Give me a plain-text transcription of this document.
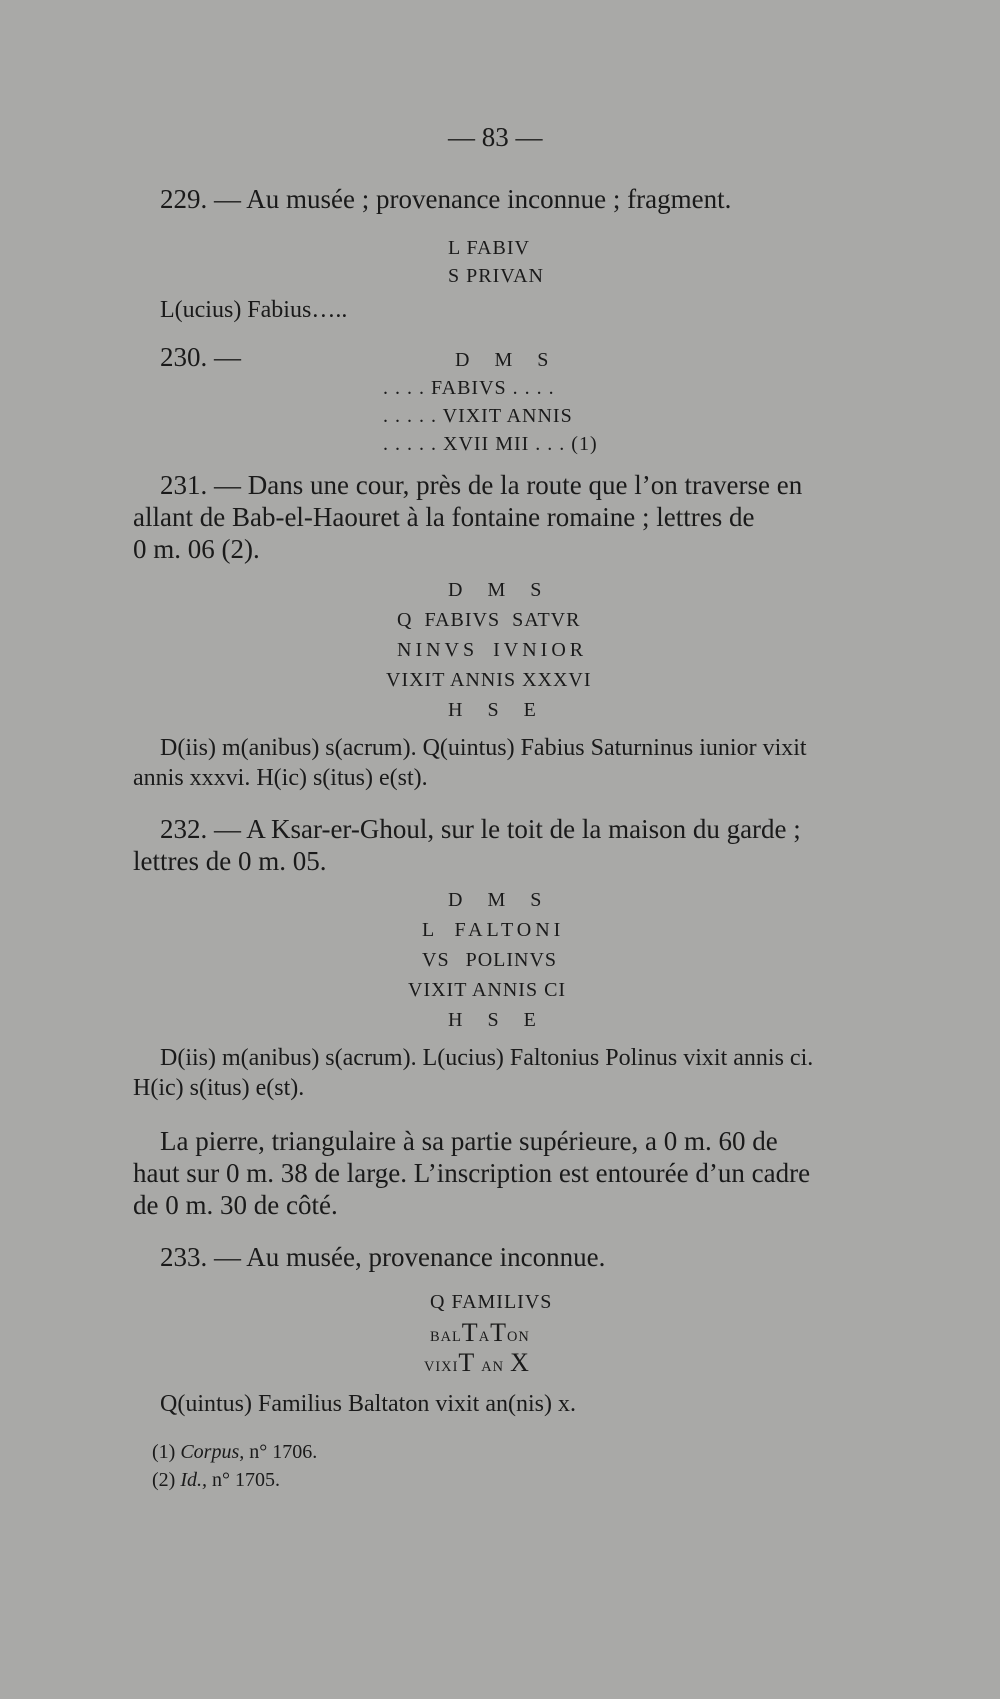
— 83 —
229. — Au musée ; provenance inconnue ; fragment.
L FABIV
S PRIVAN
L(ucius) Fabius…..
230. —	D M S
. . . . FABIVS . . . .
. . . . . VIXIT ANNIS
. . . . . XVII MII . . . (1)
231. — Dans une cour, près de la route que l’on traverse en
allant de Bab-el-Haouret à la fontaine romaine ; lettres de
0 m. 06 (2).
D M S
Q FABIVS SATVR
NINVS IVNIOR
VIXIT ANNIS XXXVI
H S E
D(iis) m(anibus) s(acrum). Q(uintus) Fabius Saturninus iunior vixit
annis xxxvi. H(ic) s(itus) e(st).
232. — A Ksar-er-Ghoul, sur le toit de la maison du garde ;
lettres de 0 m. 05.
D M S
L FALTONI
VS POLINVS
VIXIT ANNIS CI
H S E
D(iis) m(anibus) s(acrum). L(ucius) Faltonius Polinus vixit annis ci.
H(ic) s(itus) e(st).
La pierre, triangulaire à sa partie supérieure, a 0 m. 60 de
haut sur 0 m. 38 de large. L’inscription est entourée d’un cadre
de 0 m. 30 de côté.
233. — Au musée, provenance inconnue.
Q FAMILIVS
BALTATON
VIXIT AN X
Q(uintus) Familius Baltaton vixit an(nis) x.
(1) Corpus, n° 1706.
(2) Id., n° 1705.
